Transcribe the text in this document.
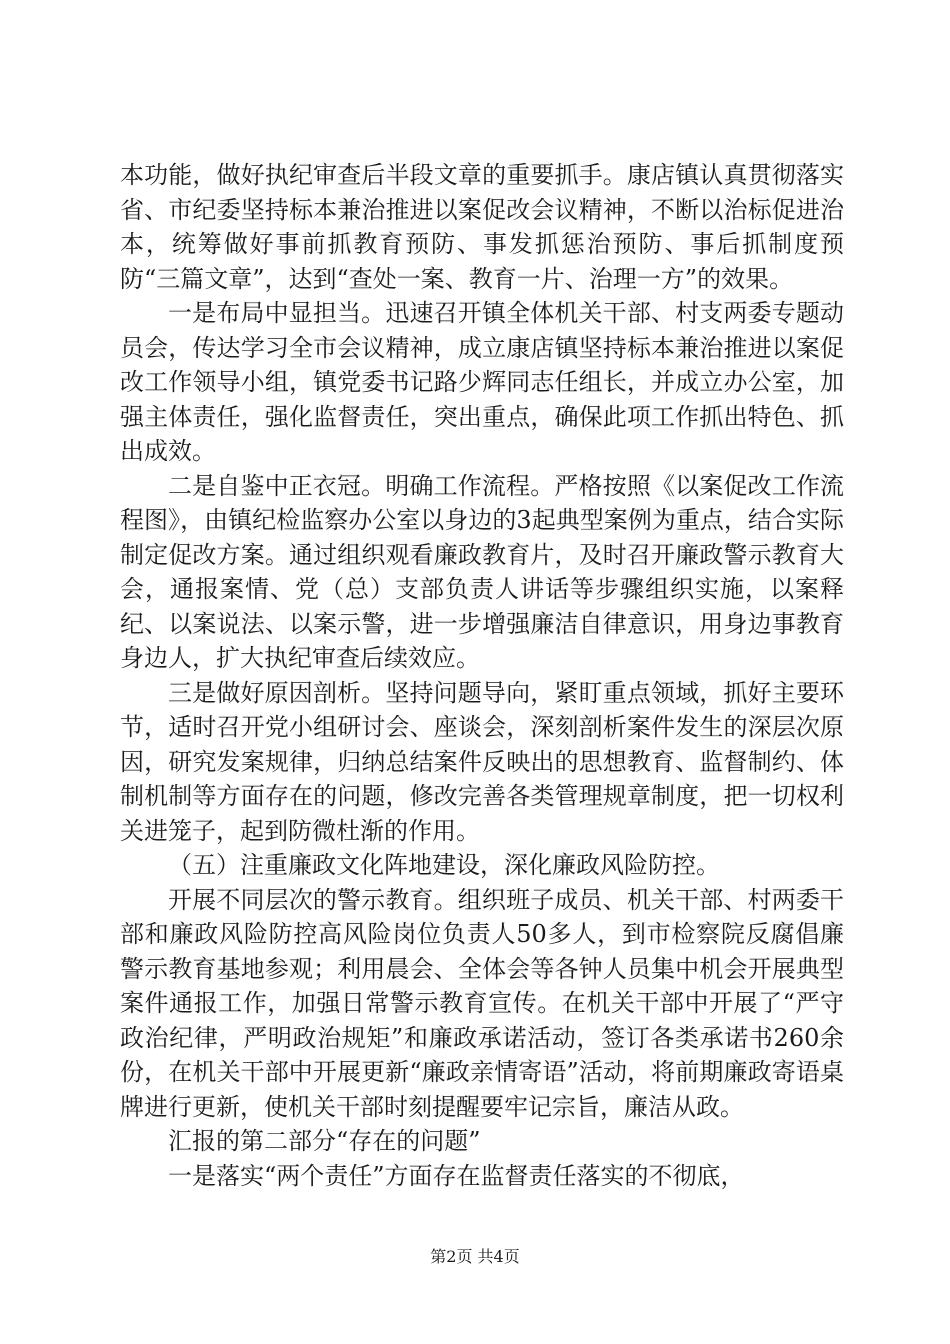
本功能，做好执纪审查后半段文章的重要抓手。康店镇认真贯彻落实省、市纪委坚持标本兼治推进以案促改会议精神，不断以治标促进治本，统筹做好事前抓教育预防、事发抓惩治预防、事后抓制度预防“三篇文章”，达到“查处一案、教育一片、治理一方”的效果。

一是布局中显担当。迅速召开镇全体机关干部、村支两委专题动员会，传达学习全市会议精神，成立康店镇坚持标本兼治推进以案促改工作领导小组，镇党委书记路少辉同志任组长，并成立办公室，加强主体责任，强化监督责任，突出重点，确保此项工作抓出特色、抓出成效。

二是自鉴中正衣冠。明确工作流程。严格按照《以案促改工作流程图》，由镇纪检监察办公室以身边的3起典型案例为重点，结合实际制定促改方案。通过组织观看廉政教育片，及时召开廉政警示教育大会，通报案情、党（总）支部负责人讲话等步骤组织实施，以案释纪、以案说法、以案示警，进一步增强廉洁自律意识，用身边事教育身边人，扩大执纪审查后续效应。

三是做好原因剖析。坚持问题导向，紧盯重点领域，抓好主要环节，适时召开党小组研讨会、座谈会，深刻剖析案件发生的深层次原因，研究发案规律，归纳总结案件反映出的思想教育、监督制约、体制机制等方面存在的问题，修改完善各类管理规章制度，把一切权利关进笼子，起到防微杜渐的作用。

（五）注重廉政文化阵地建设，深化廉政风险防控。

开展不同层次的警示教育。组织班子成员、机关干部、村两委干部和廉政风险防控高风险岗位负责人50多人，到市检察院反腐倡廉警示教育基地参观；利用晨会、全体会等各钟人员集中机会开展典型案件通报工作，加强日常警示教育宣传。在机关干部中开展了“严守政治纪律，严明政治规矩”和廉政承诺活动，签订各类承诺书260余份，在机关干部中开展更新“廉政亲情寄语”活动，将前期廉政寄语桌牌进行更新，使机关干部时刻提醒要牢记宗旨，廉洁从政。

汇报的第二部分“存在的问题”

一是落实“两个责任”方面存在监督责任落实的不彻底，

第2页 共4页
